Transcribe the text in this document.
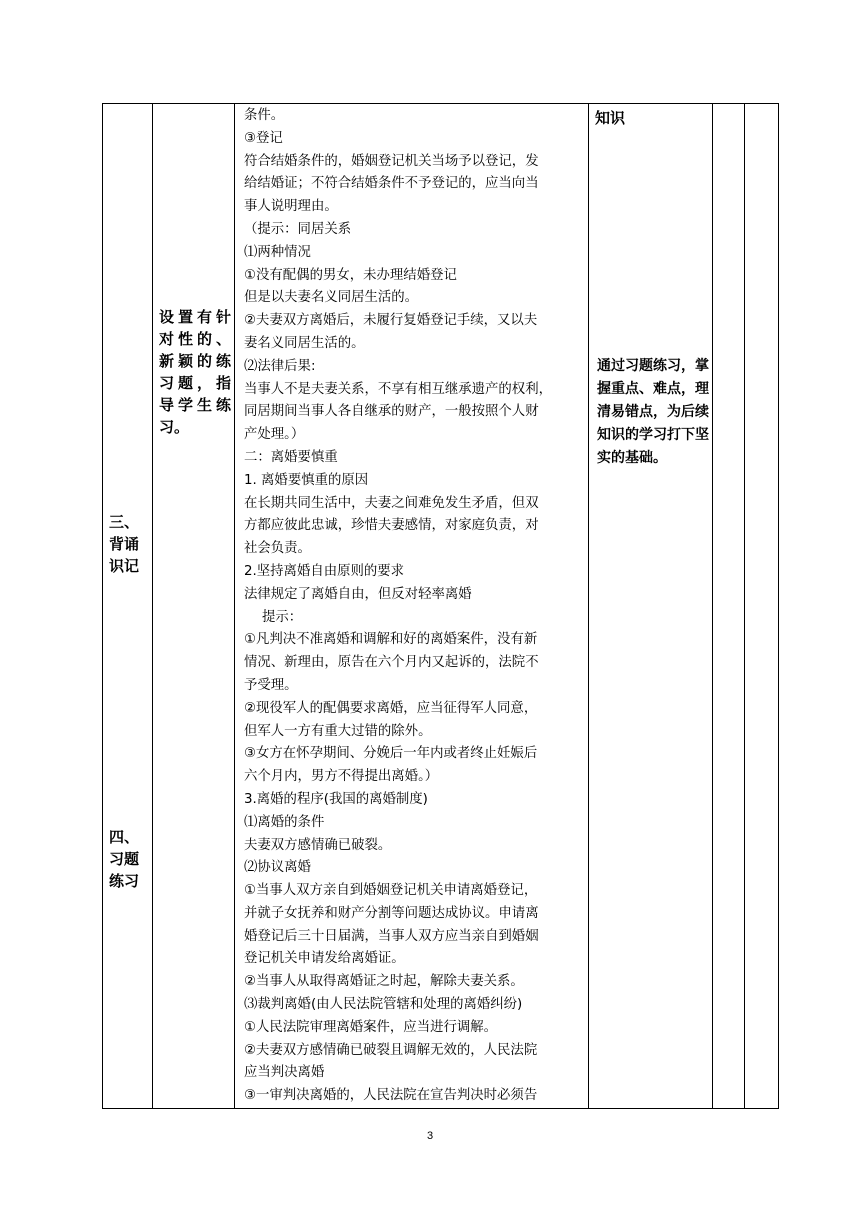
三、背诵识记
四、习题练习

设置有针对性的、新颖的练习题，指导学生练习。

条件。
③登记
符合结婚条件的，婚姻登记机关当场予以登记，发
给结婚证；不符合结婚条件不予登记的，应当向当
事人说明理由。
（提示：同居关系
⑴两种情况
①没有配偶的男女，未办理结婚登记
但是以夫妻名义同居生活的。
②夫妻双方离婚后，未履行复婚登记手续，又以夫
妻名义同居生活的。
⑵法律后果:
当事人不是夫妻关系，不享有相互继承遗产的权利，
同居期间当事人各自继承的财产，一般按照个人财
产处理。）
二：离婚要慎重
1. 离婚要慎重的原因
在长期共同生活中，夫妻之间难免发生矛盾，但双
方都应彼此忠诚，珍惜夫妻感情，对家庭负责，对
社会负责。
2.坚持离婚自由原则的要求
法律规定了离婚自由，但反对轻率离婚
提示：
①凡判决不准离婚和调解和好的离婚案件，没有新
情况、新理由，原告在六个月内又起诉的，法院不
予受理。
②现役军人的配偶要求离婚，应当征得军人同意，
但军人一方有重大过错的除外。
③女方在怀孕期间、分娩后一年内或者终止妊娠后
六个月内，男方不得提出离婚。）
3.离婚的程序(我国的离婚制度)
⑴离婚的条件
夫妻双方感情确已破裂。
⑵协议离婚
①当事人双方亲自到婚姻登记机关申请离婚登记，
并就子女抚养和财产分割等问题达成协议。申请离
婚登记后三十日届满，当事人双方应当亲自到婚姻
登记机关申请发给离婚证。
②当事人从取得离婚证之时起，解除夫妻关系。
⑶裁判离婚(由人民法院管辖和处理的离婚纠纷)
①人民法院审理离婚案件，应当进行调解。
②夫妻双方感情确已破裂且调解无效的，人民法院
应当判决离婚
③一审判决离婚的，人民法院在宣告判决时必须告

知识
通过习题练习，掌握重点、难点，理清易错点，为后续知识的学习打下坚实的基础。

3
